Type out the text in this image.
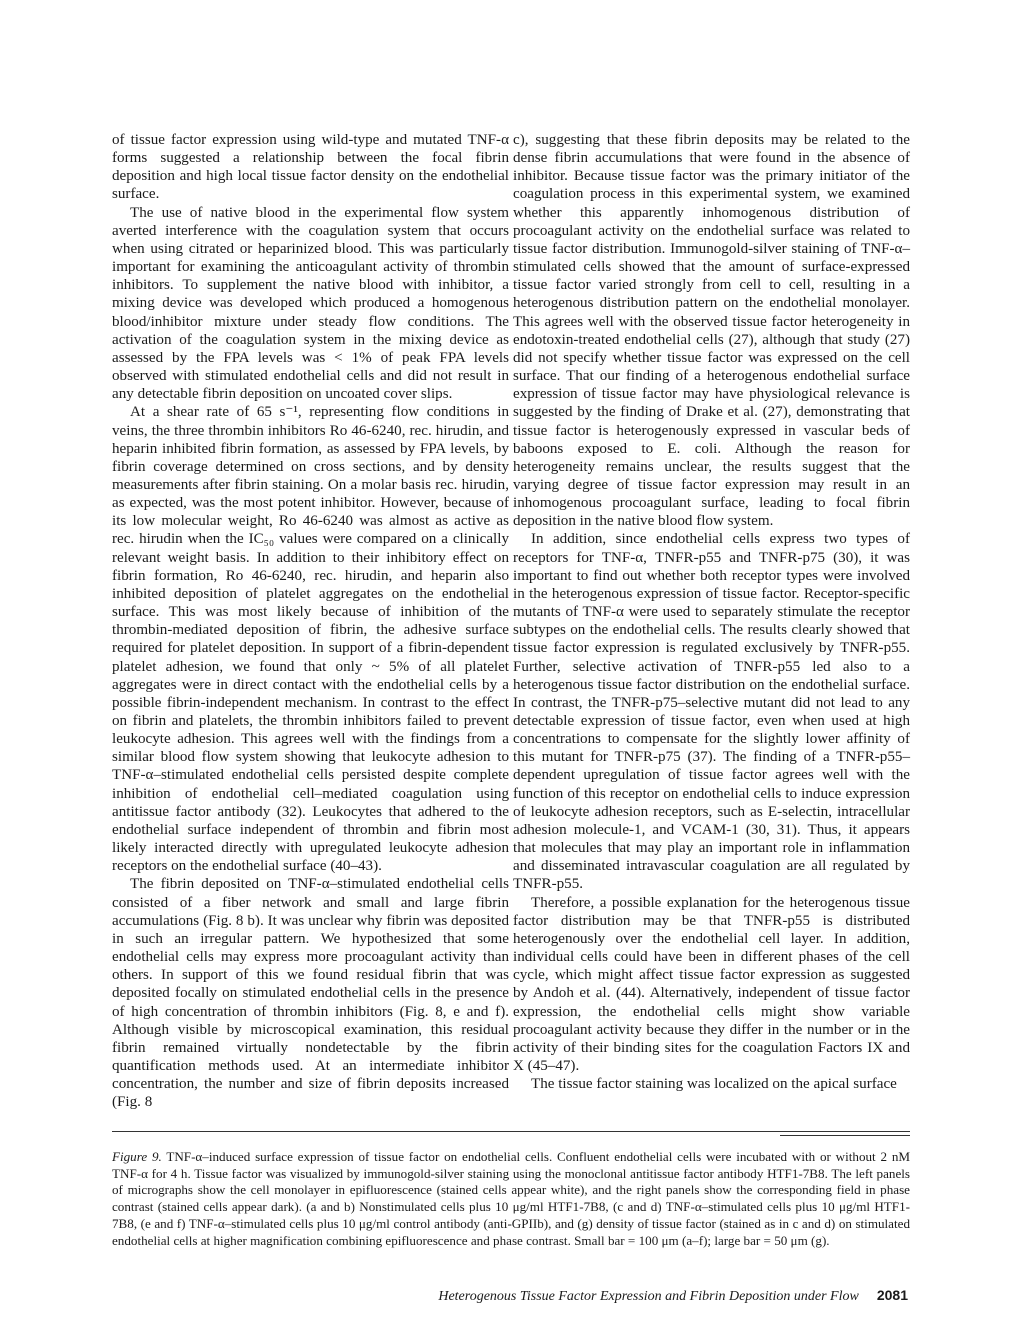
of tissue factor expression using wild-type and mutated TNF-α forms suggested a relationship between the focal fibrin deposition and high local tissue factor density on the endothelial surface.

The use of native blood in the experimental flow system averted interference with the coagulation system that occurs when using citrated or heparinized blood. This was particularly important for examining the anticoagulant activity of thrombin inhibitors. To supplement the native blood with inhibitor, a mixing device was developed which produced a homogenous blood/inhibitor mixture under steady flow conditions. The activation of the coagulation system in the mixing device as assessed by the FPA levels was < 1% of peak FPA levels observed with stimulated endothelial cells and did not result in any detectable fibrin deposition on uncoated cover slips.

At a shear rate of 65 s⁻¹, representing flow conditions in veins, the three thrombin inhibitors Ro 46-6240, rec. hirudin, and heparin inhibited fibrin formation, as assessed by FPA levels, by fibrin coverage determined on cross sections, and by density measurements after fibrin staining. On a molar basis rec. hirudin, as expected, was the most potent inhibitor. However, because of its low molecular weight, Ro 46-6240 was almost as active as rec. hirudin when the IC₅₀ values were compared on a clinically relevant weight basis. In addition to their inhibitory effect on fibrin formation, Ro 46-6240, rec. hirudin, and heparin also inhibited deposition of platelet aggregates on the endothelial surface. This was most likely because of inhibition of the thrombin-mediated deposition of fibrin, the adhesive surface required for platelet deposition. In support of a fibrin-dependent platelet adhesion, we found that only ~ 5% of all platelet aggregates were in direct contact with the endothelial cells by a possible fibrin-independent mechanism. In contrast to the effect on fibrin and platelets, the thrombin inhibitors failed to prevent leukocyte adhesion. This agrees well with the findings from a similar blood flow system showing that leukocyte adhesion to TNF-α–stimulated endothelial cells persisted despite complete inhibition of endothelial cell–mediated coagulation using antitissue factor antibody (32). Leukocytes that adhered to the endothelial surface independent of thrombin and fibrin most likely interacted directly with upregulated leukocyte adhesion receptors on the endothelial surface (40–43).

The fibrin deposited on TNF-α–stimulated endothelial cells consisted of a fiber network and small and large fibrin accumulations (Fig. 8 b). It was unclear why fibrin was deposited in such an irregular pattern. We hypothesized that some endothelial cells may express more procoagulant activity than others. In support of this we found residual fibrin that was deposited focally on stimulated endothelial cells in the presence of high concentration of thrombin inhibitors (Fig. 8, e and f). Although visible by microscopical examination, this residual fibrin remained virtually nondetectable by the fibrin quantification methods used. At an intermediate inhibitor concentration, the number and size of fibrin deposits increased (Fig. 8

c), suggesting that these fibrin deposits may be related to the dense fibrin accumulations that were found in the absence of inhibitor. Because tissue factor was the primary initiator of the coagulation process in this experimental system, we examined whether this apparently inhomogenous distribution of procoagulant activity on the endothelial surface was related to tissue factor distribution. Immunogold-silver staining of TNF-α–stimulated cells showed that the amount of surface-expressed tissue factor varied strongly from cell to cell, resulting in a heterogenous distribution pattern on the endothelial monolayer. This agrees well with the observed tissue factor heterogeneity in endotoxin-treated endothelial cells (27), although that study (27) did not specify whether tissue factor was expressed on the cell surface. That our finding of a heterogenous endothelial surface expression of tissue factor may have physiological relevance is suggested by the finding of Drake et al. (27), demonstrating that tissue factor is heterogenously expressed in vascular beds of baboons exposed to E. coli. Although the reason for heterogeneity remains unclear, the results suggest that the varying degree of tissue factor expression may result in an inhomogenous procoagulant surface, leading to focal fibrin deposition in the native blood flow system.

In addition, since endothelial cells express two types of receptors for TNF-α, TNFR-p55 and TNFR-p75 (30), it was important to find out whether both receptor types were involved in the heterogenous expression of tissue factor. Receptor-specific mutants of TNF-α were used to separately stimulate the receptor subtypes on the endothelial cells. The results clearly showed that tissue factor expression is regulated exclusively by TNFR-p55. Further, selective activation of TNFR-p55 led also to a heterogenous tissue factor distribution on the endothelial surface. In contrast, the TNFR-p75–selective mutant did not lead to any detectable expression of tissue factor, even when used at high concentrations to compensate for the slightly lower affinity of this mutant for TNFR-p75 (37). The finding of a TNFR-p55–dependent upregulation of tissue factor agrees well with the function of this receptor on endothelial cells to induce expression of leukocyte adhesion receptors, such as E-selectin, intracellular adhesion molecule-1, and VCAM-1 (30, 31). Thus, it appears that molecules that may play an important role in inflammation and disseminated intravascular coagulation are all regulated by TNFR-p55.

Therefore, a possible explanation for the heterogenous tissue factor distribution may be that TNFR-p55 is distributed heterogenously over the endothelial cell layer. In addition, individual cells could have been in different phases of the cell cycle, which might affect tissue factor expression as suggested by Andoh et al. (44). Alternatively, independent of tissue factor expression, the endothelial cells might show variable procoagulant activity because they differ in the number or in the activity of their binding sites for the coagulation Factors IX and X (45–47).

The tissue factor staining was localized on the apical surface

Figure 9. TNF-α–induced surface expression of tissue factor on endothelial cells. Confluent endothelial cells were incubated with or without 2 nM TNF-α for 4 h. Tissue factor was visualized by immunogold-silver staining using the monoclonal antitissue factor antibody HTF1-7B8. The left panels of micrographs show the cell monolayer in epifluorescence (stained cells appear white), and the right panels show the corresponding field in phase contrast (stained cells appear dark). (a and b) Nonstimulated cells plus 10 μg/ml HTF1-7B8, (c and d) TNF-α–stimulated cells plus 10 μg/ml HTF1-7B8, (e and f) TNF-α–stimulated cells plus 10 μg/ml control antibody (anti-GPIIb), and (g) density of tissue factor (stained as in c and d) on stimulated endothelial cells at higher magnification combining epifluorescence and phase contrast. Small bar = 100 μm (a–f); large bar = 50 μm (g).
Heterogenous Tissue Factor Expression and Fibrin Deposition under Flow 2081
